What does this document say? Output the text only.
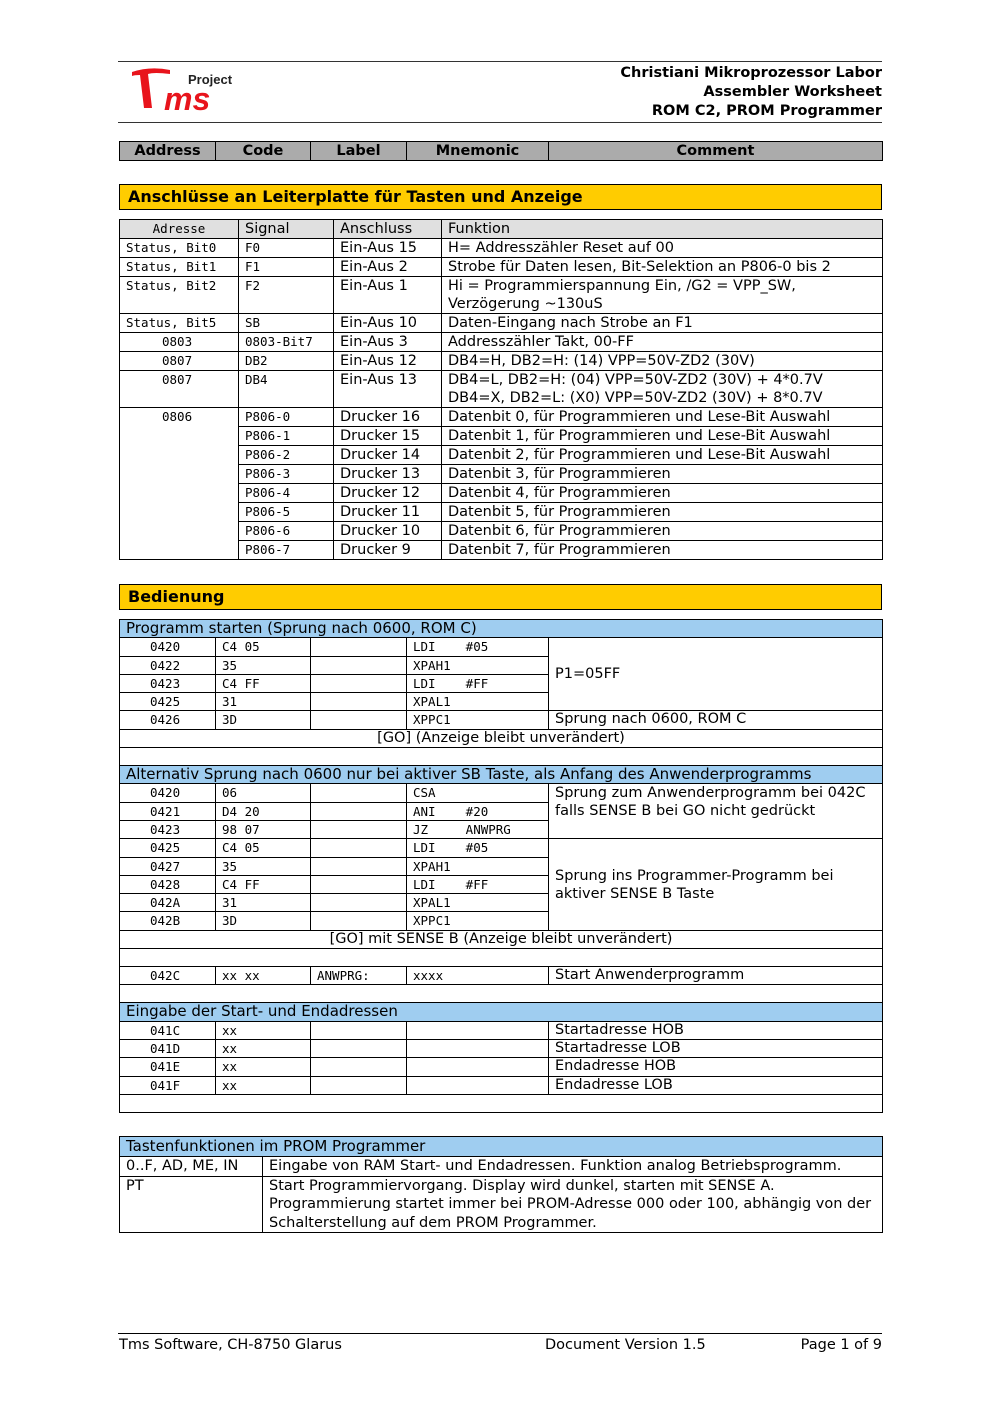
Project
ms
Christiani Mikroprozessor Labor
Assembler Worksheet
ROM C2, PROM Programmer
Address	Code	Label	Mnemonic	Comment
Anschlüsse an Leiterplatte für Tasten und Anzeige
Adresse	Signal	Anschluss	Funktion
Status, Bit0	F0	Ein-Aus 15	H= Addresszähler Reset auf 00
Status, Bit1	F1	Ein-Aus 2	Strobe für Daten lesen, Bit-Selektion an P806-0 bis 2
Status, Bit2	F2	Ein-Aus 1	Hi = Programmierspannung Ein, /G2 = VPP_SW,
Verzögerung ~130uS

Status, Bit5	SB	Ein-Aus 10	Daten-Eingang nach Strobe an F1
0803	0803-Bit7	Ein-Aus 3	Addresszähler Takt, 00-FF
0807	DB2	Ein-Aus 12	DB4=H, DB2=H: (14) VPP=50V-ZD2 (30V)
0807	DB4	Ein-Aus 13	DB4=L, DB2=H: (04) VPP=50V-ZD2 (30V) + 4*0.7V
DB4=X, DB2=L: (X0) VPP=50V-ZD2 (30V) + 8*0.7V

0806	P806-0	Drucker 16	Datenbit 0, für Programmieren und Lese-Bit Auswahl
	P806-1	Drucker 15	Datenbit 1, für Programmieren und Lese-Bit Auswahl
	P806-2	Drucker 14	Datenbit 2, für Programmieren und Lese-Bit Auswahl
	P806-3	Drucker 13	Datenbit 3, für Programmieren
	P806-4	Drucker 12	Datenbit 4, für Programmieren
	P806-5	Drucker 11	Datenbit 5, für Programmieren
	P806-6	Drucker 10	Datenbit 6, für Programmieren
	P806-7	Drucker 9	Datenbit 7, für Programmieren
Bedienung
Programm starten (Sprung nach 0600, ROM C)				
0420	C4 05		LDI    #05	P1=05FF
0422	35		XPAH1	
0423	C4 FF		LDI    #FF	
0425	31		XPAL1	
0426	3D		XPPC1	Sprung nach 0600, ROM C
[GO] (Anzeige bleibt unverändert)				

Alternativ Sprung nach 0600 nur bei aktiver SB Taste, als Anfang des Anwenderprogramms				
0420	06		CSA	Sprung zum Anwenderprogramm bei 042C falls SENSE B bei GO nicht gedrückt
0421	D4 20		ANI    #20	
0423	98 07		JZ     ANWPRG	
0425	C4 05		LDI    #05	Sprung ins Programmer-Programm bei aktiver SENSE B Taste
0427	35		XPAH1	
0428	C4 FF		LDI    #FF	
042A	31		XPAL1	
042B	3D		XPPC1	
[GO] mit SENSE B (Anzeige bleibt unverändert)				

042C	xx xx	ANWPRG:	xxxx	Start Anwenderprogramm

Eingabe der Start- und Endadressen				
041C	xx			Startadresse HOB
041D	xx			Startadresse LOB
041E	xx			Endadresse HOB
041F	xx			Endadresse LOB

Tastenfunktionen im PROM Programmer	
0..F, AD, ME, IN	Eingabe von RAM Start- und Endadressen. Funktion analog Betriebsprogramm.
PT	Start Programmiervorgang. Display wird dunkel, starten mit SENSE A. Programmierung startet immer bei PROM-Adresse 000 oder 100, abhängig von der Schalterstellung auf dem PROM Programmer.
Tms Software, CH-8750 Glarus	Document Version 1.5	Page 1 of 9
